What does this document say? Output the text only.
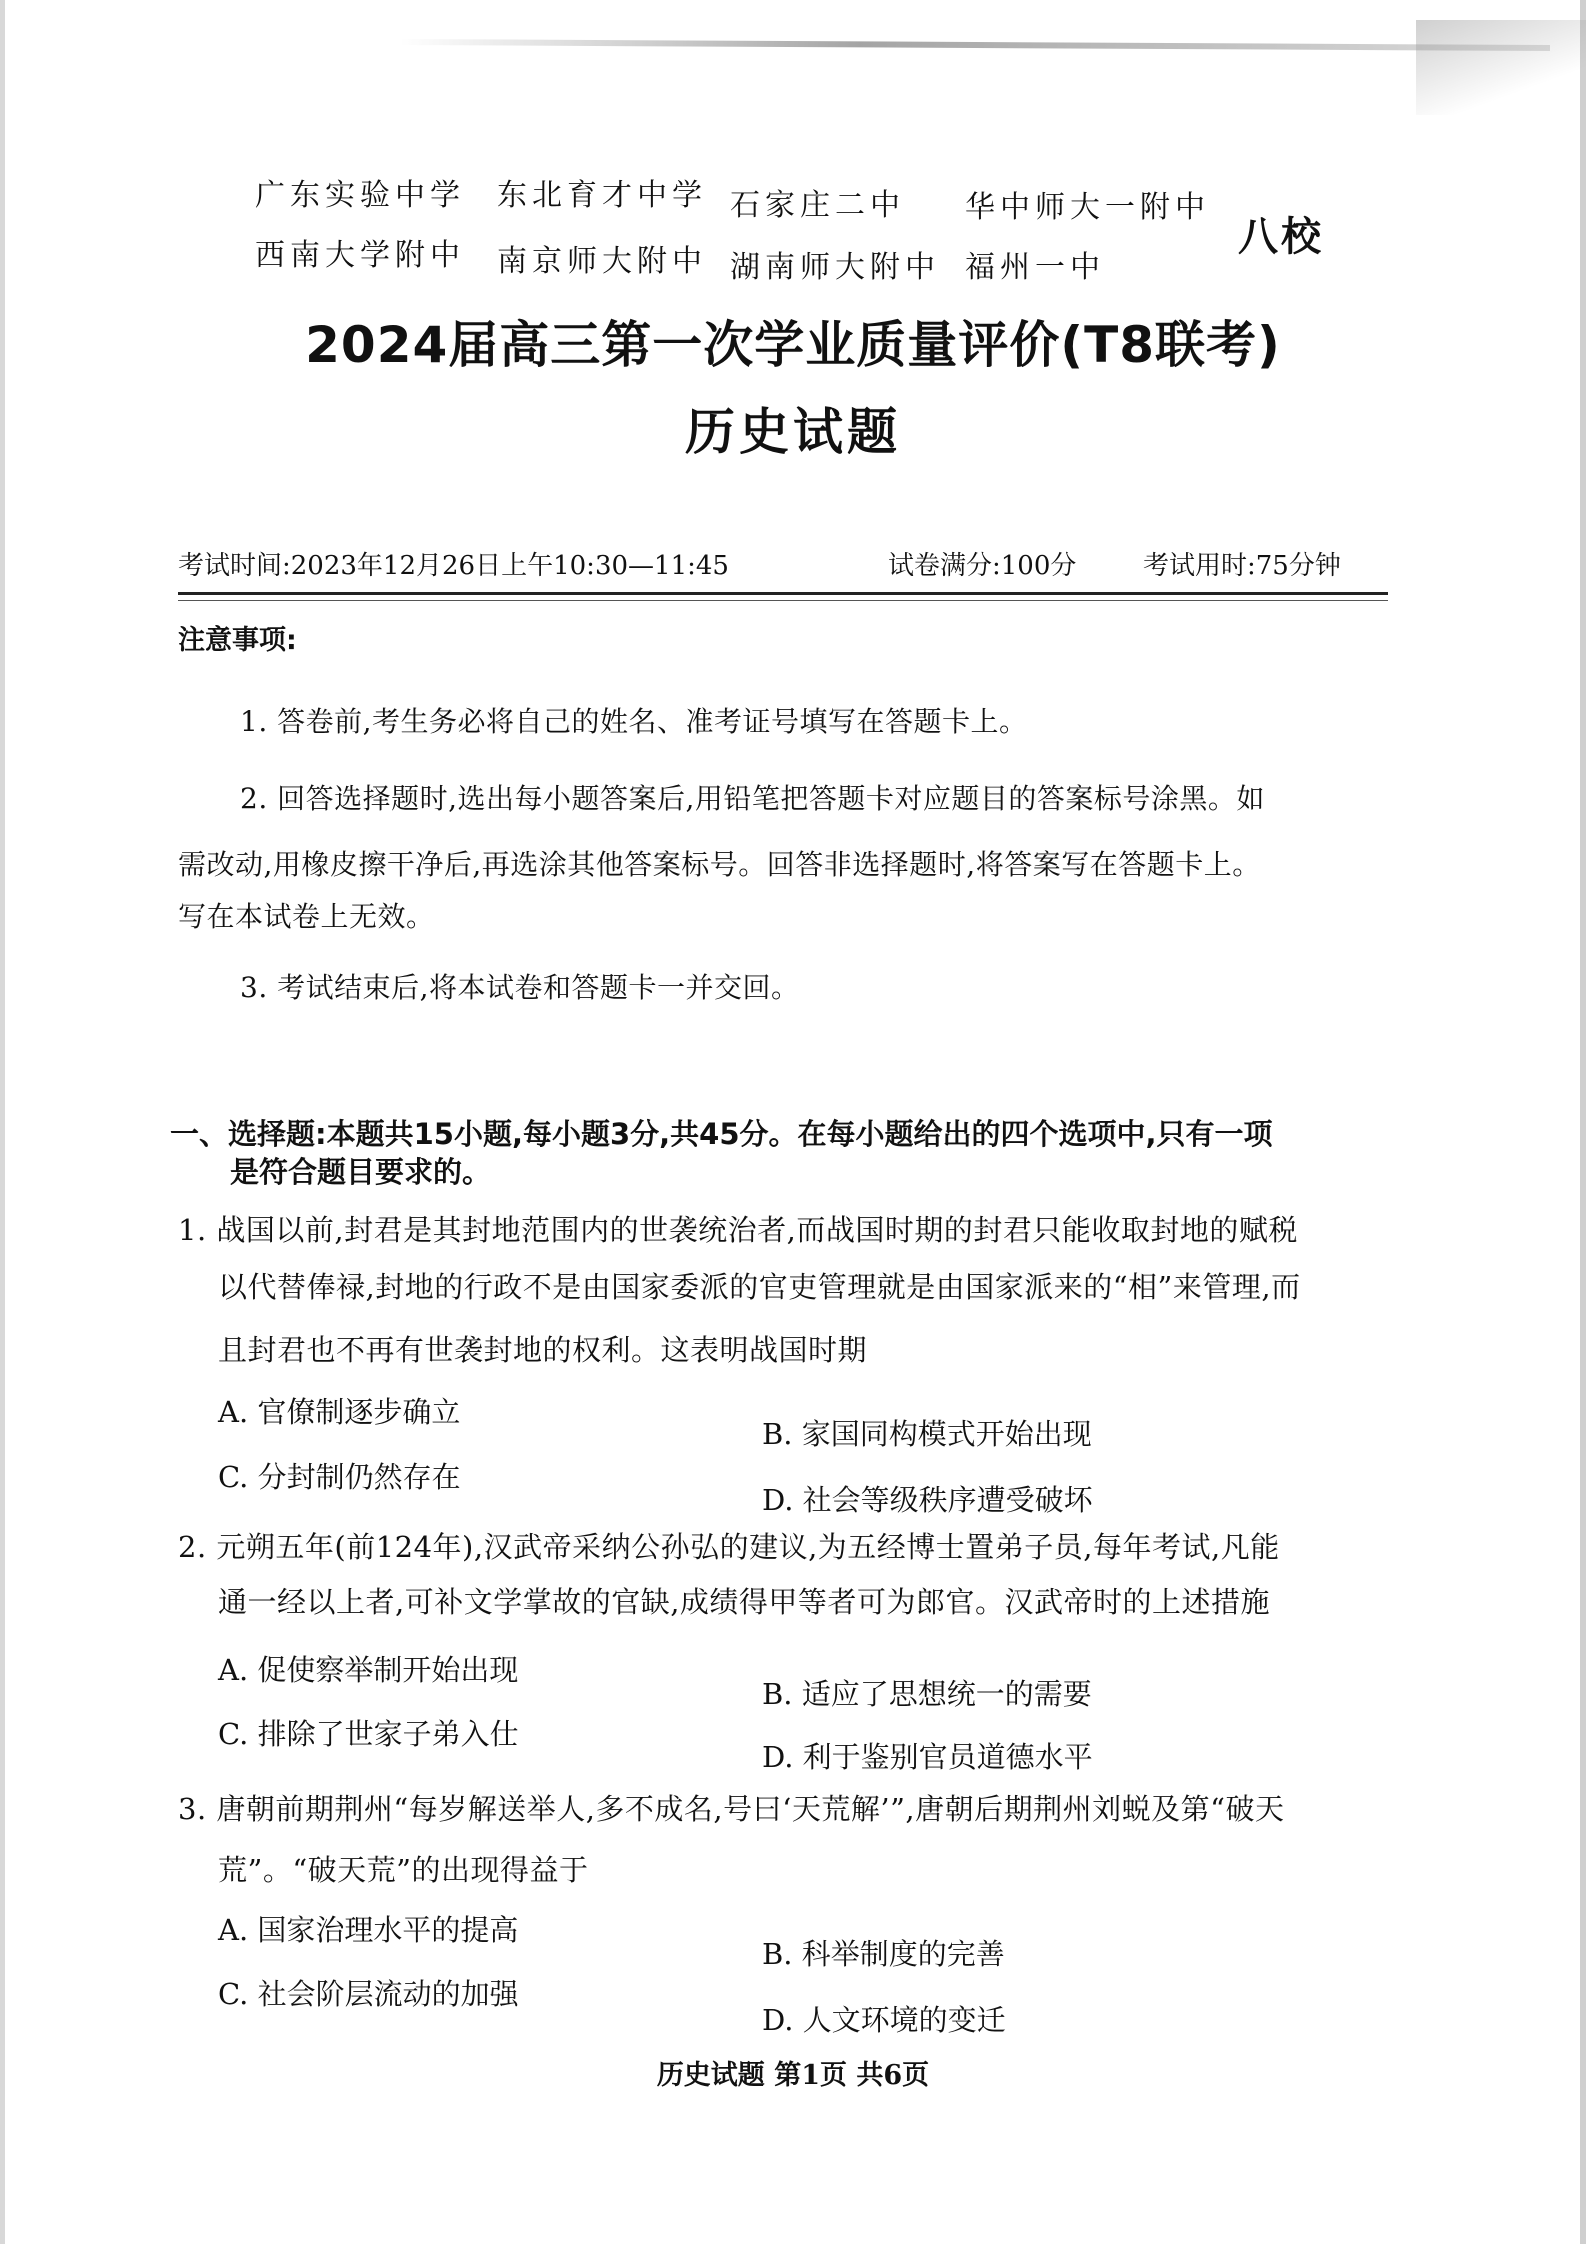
广东实验中学 东北育才中学 石家庄二中 华中师大一附中
西南大学附中 南京师大附中 湖南师大附中 福州一中
八校
2024届高三第一次学业质量评价(T8联考)
历史试题
考试时间:2023年12月26日上午10:30—11:45	试卷满分:100分	考试用时:75分钟
注意事项:
1. 答卷前,考生务必将自己的姓名、准考证号填写在答题卡上。
2. 回答选择题时,选出每小题答案后,用铅笔把答题卡对应题目的答案标号涂黑。如
需改动,用橡皮擦干净后,再选涂其他答案标号。回答非选择题时,将答案写在答题卡上。
写在本试卷上无效。
3. 考试结束后,将本试卷和答题卡一并交回。
一、选择题:本题共15小题,每小题3分,共45分。在每小题给出的四个选项中,只有一项
是符合题目要求的。
1. 战国以前,封君是其封地范围内的世袭统治者,而战国时期的封君只能收取封地的赋税
以代替俸禄,封地的行政不是由国家委派的官吏管理就是由国家派来的“相”来管理,而
且封君也不再有世袭封地的权利。这表明战国时期
A. 官僚制逐步确立
B. 家国同构模式开始出现
C. 分封制仍然存在
D. 社会等级秩序遭受破坏
2. 元朔五年(前124年),汉武帝采纳公孙弘的建议,为五经博士置弟子员,每年考试,凡能
通一经以上者,可补文学掌故的官缺,成绩得甲等者可为郎官。汉武帝时的上述措施
A. 促使察举制开始出现
B. 适应了思想统一的需要
C. 排除了世家子弟入仕
D. 利于鉴别官员道德水平
3. 唐朝前期荆州“每岁解送举人,多不成名,号曰‘天荒解’”,唐朝后期荆州刘蜕及第“破天
荒”。“破天荒”的出现得益于
A. 国家治理水平的提高
B. 科举制度的完善
C. 社会阶层流动的加强
D. 人文环境的变迁
历史试题 第1页 共6页
